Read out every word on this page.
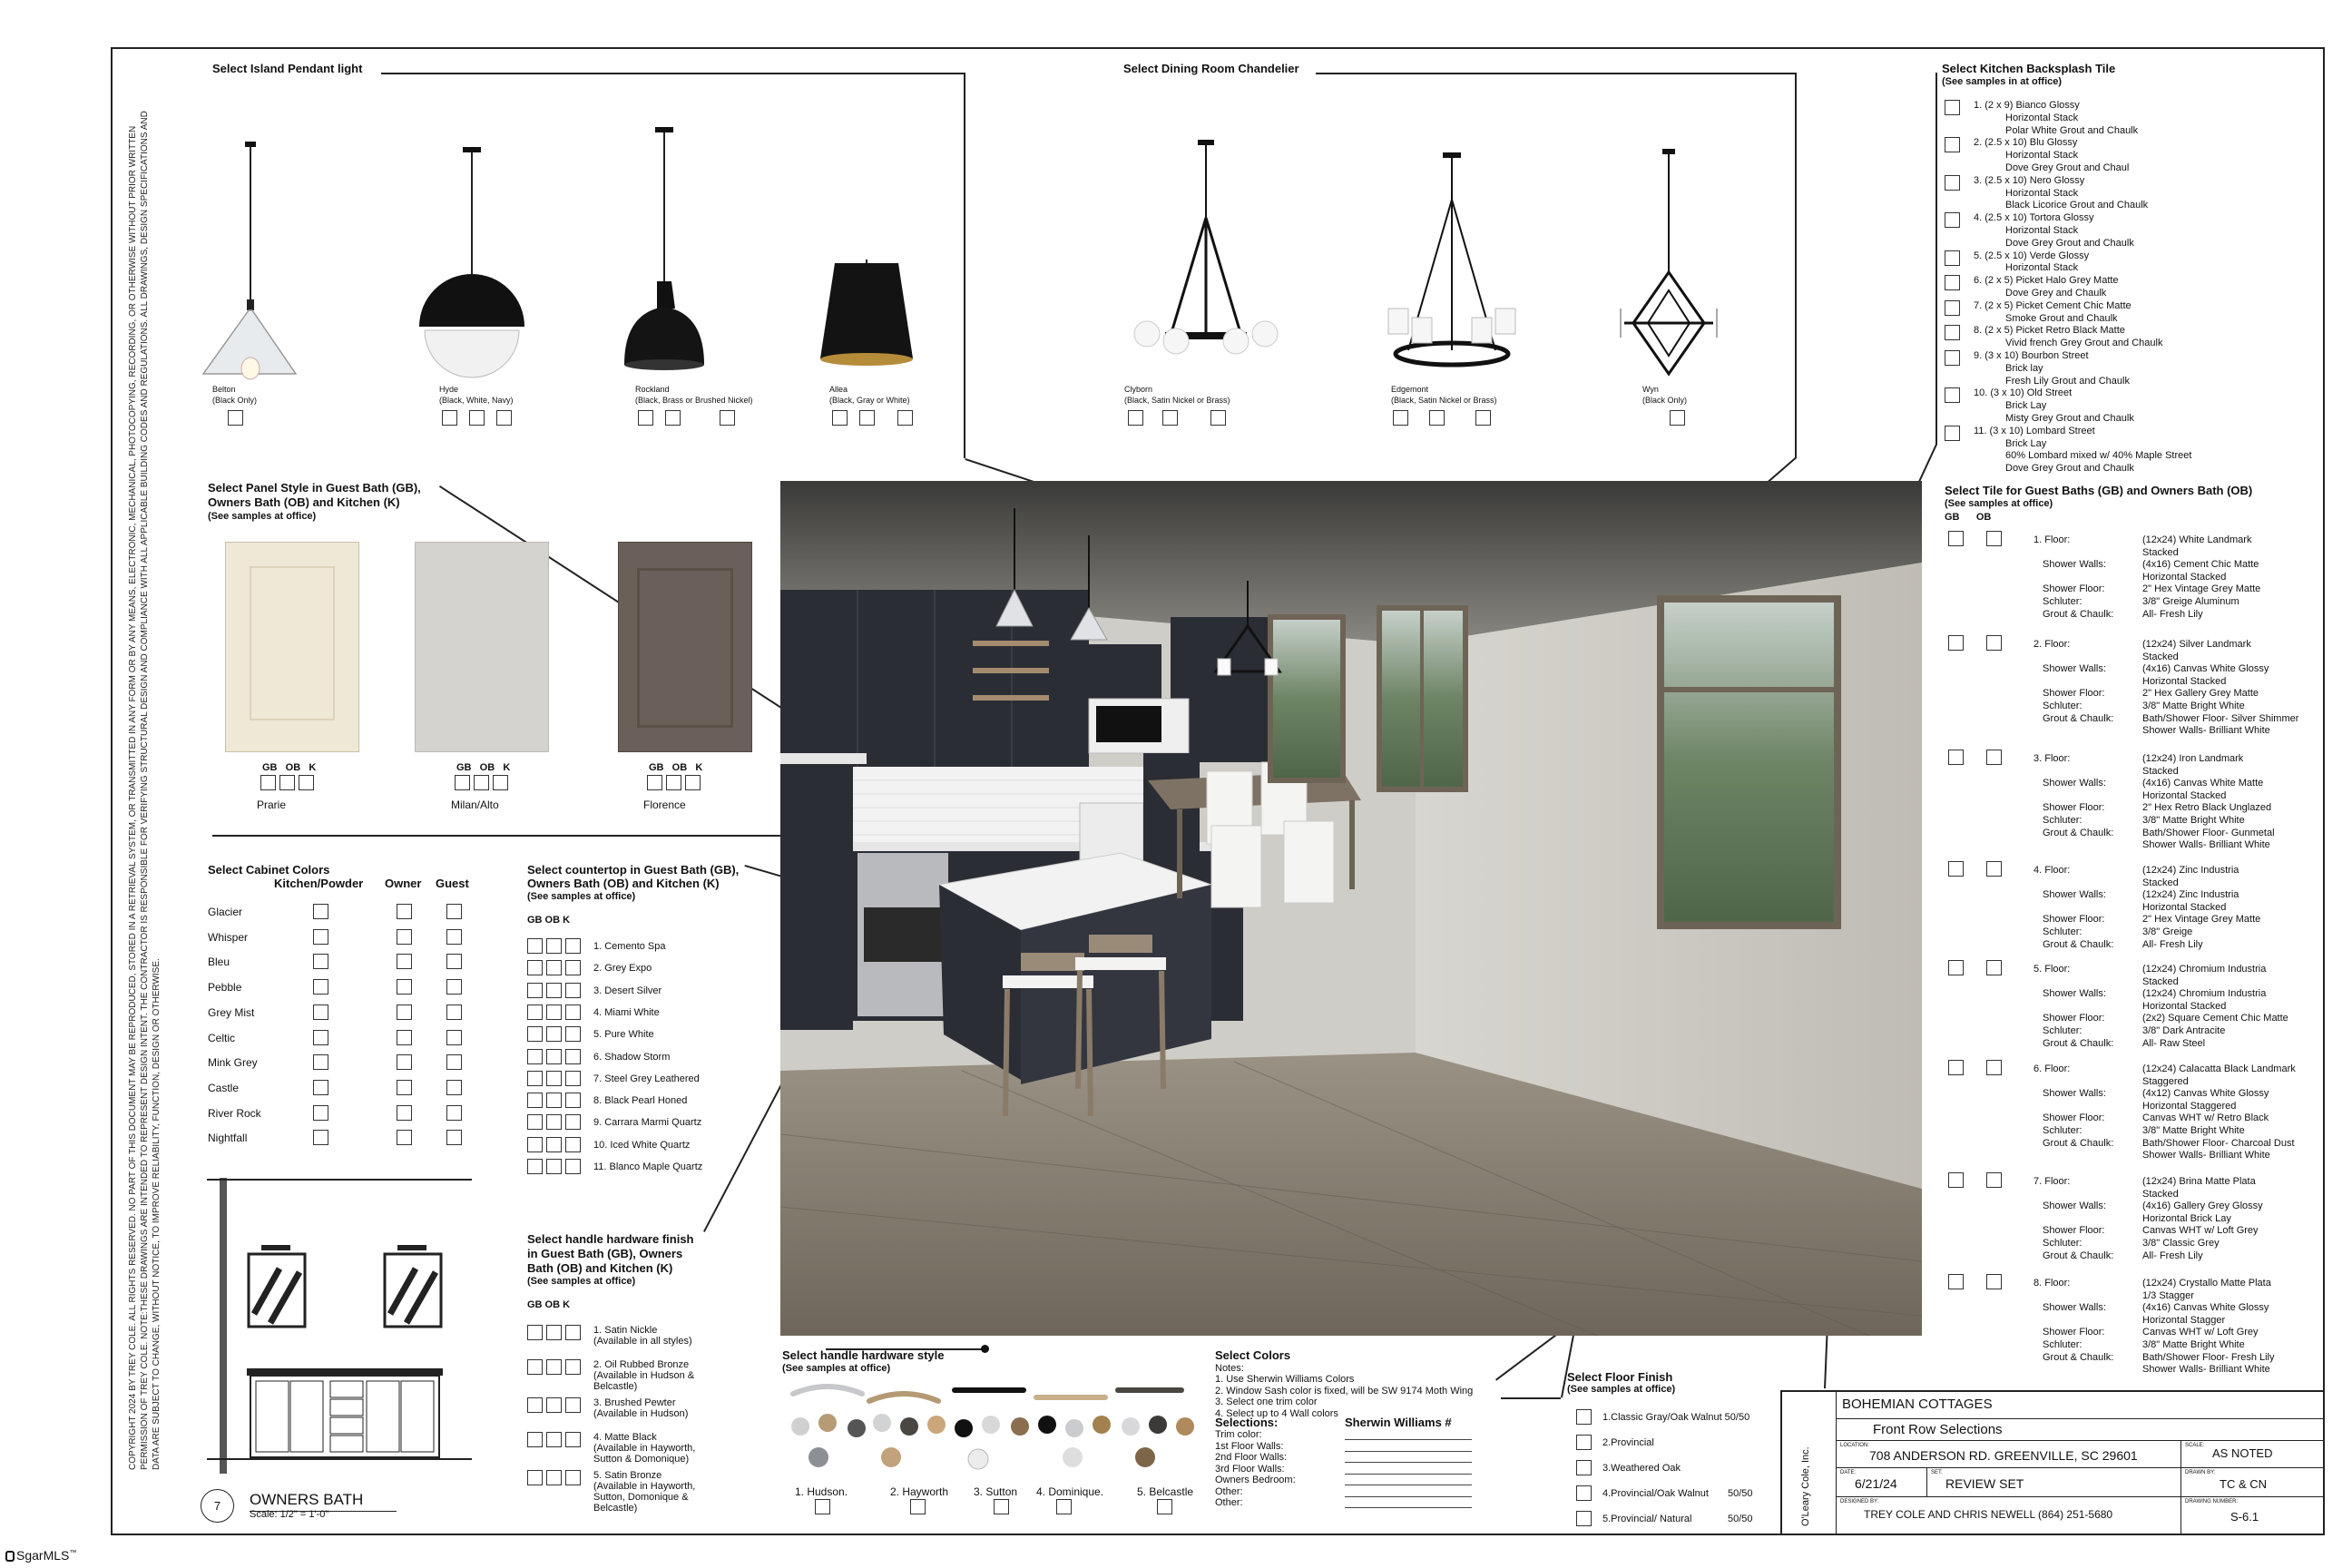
COPYRIGHT 2024 BY TREY COLE. ALL RIGHTS RESERVED. NO PART OF THIS DOCUMENT MAY BE REPRODUCED, STORED IN A RETRIEVAL SYSTEM, OR TRANSMITTED IN ANY FORM OR BY ANY MEANS, ELECTRONIC, MECHANICAL, PHOTOCOPYING, RECORDING, OR OTHERWISE WITHOUT PRIOR WRITTEN PERMISSION OF TREY COLE. NOTE:THESE DRAWINGS ARE INTENDED TO REPRESENT DESIGN INTENT. THE CONTRACTOR IS RESPONSIBLE FOR VERIFYING STRUCTURAL DESIGN AND COMPLIANCE WITH ALL APPLICABLE BUILDING CODES AND REGULATIONS. ALL DRAWINGS, DESIGN SPECIFICATIONS AND DATA ARE SUBJECT TO CHANGE, WITHOUT NOTICE, TO IMPROVE RELIABILITY, FUNCTION, DESIGN OR OTHERWISE.
Select Island Pendant light
Belton
(Black Only)
Hyde
(Black, White, Navy)
Rockland
(Black, Brass or Brushed Nickel)
Allea
(Black, Gray or White)
Select Dining Room Chandelier
Clyborn
(Black, Satin Nickel or Brass)
Edgemont
(Black, Satin Nickel or Brass)
Wyn
(Black Only)
Select Kitchen Backsplash Tile
(See samples in at office)
1. (2 x 9) Bianco Glossy
Horizontal Stack
Polar White Grout and Chaulk
2. (2.5 x 10) Blu Glossy
Horizontal Stack
Dove Grey Grout and Chaul
3. (2.5 x 10) Nero Glossy
Horizontal Stack
Black Licorice Grout and Chaulk
4. (2.5 x 10) Tortora Glossy
Horizontal Stack
Dove Grey Grout and Chaulk
5. (2.5 x 10) Verde Glossy
Horizontal Stack
6. (2 x 5) Picket Halo Grey Matte
Dove Grey and Chaulk
7. (2 x 5) Picket Cement Chic Matte
Smoke Grout and Chaulk
8. (2 x 5) Picket Retro Black Matte
Vivid french Grey Grout and Chaulk
9. (3 x 10) Bourbon Street
Brick lay
Fresh Lily Grout and Chaulk
10. (3 x 10) Old Street
Brick Lay
Misty Grey Grout and Chaulk
11. (3 x 10) Lombard Street
Brick Lay
60% Lombard mixed w/ 40% Maple Street
Dove Grey Grout and Chaulk
Select Panel Style in Guest Bath (GB),
Owners Bath (OB) and Kitchen (K)
(See samples at office)
GB   OB   K
Prarie
GB   OB   K
Milan/Alto
GB   OB   K
Florence
Select Cabinet Colors
Kitchen/Powder Owner Guest
Glacier
Whisper
Bleu
Pebble
Grey Mist
Celtic
Mink Grey
Castle
River Rock
Nightfall
Select countertop in Guest Bath (GB),
Owners Bath (OB) and Kitchen (K)
(See samples at office)
GB OB K
1. Cemento Spa
2. Grey Expo
3. Desert Silver
4. Miami White
5. Pure White
6. Shadow Storm
7. Steel Grey Leathered
8. Black Pearl Honed
9. Carrara Marmi Quartz
10. Iced White Quartz
11. Blanco Maple Quartz
Select handle hardware finish
in Guest Bath (GB), Owners
Bath (OB) and Kitchen (K)
(See samples at office)
GB OB K
1. Satin Nickle
(Available in all styles)
2. Oil Rubbed Bronze
(Available in Hudson &
Belcastle)
3. Brushed Pewter
(Available in Hudson)
4. Matte Black
(Available in Hayworth,
Sutton & Domonique)
5. Satin Bronze
(Available in Hayworth,
Sutton, Domonique &
Belcastle)
Select handle hardware style
(See samples at office)
1. Hudson.	2. Hayworth 3. Sutton 4. Dominique.	5. Belcastle
Select Colors
Notes:
1. Use Sherwin Williams Colors
2. Window Sash color is fixed, will be SW 9174 Moth Wing
3. Select one trim color
4. Select up to 4 Wall colors
Selections:	Sherwin Williams #
Trim color:
1st Floor Walls:
2nd Floor Walls:
3rd Floor Walls:
Owners Bedroom:
Other:
Other:
Select Floor Finish
(See samples at office)
1.Classic Gray/Oak Walnut 50/50
2.Provincial
3.Weathered Oak
4.Provincial/Oak Walnut 50/50
5.Provincial/ Natural	50/50
Select Tile for Guest Baths (GB) and Owners Bath (OB)
(See samples at office)
GB      OB
1. Floor:	(12x24) White Landmark
Stacked
Shower Walls:	(4x16) Cement Chic Matte
Horizontal Stacked
Shower Floor:	2" Hex Vintage Grey Matte
Schluter:	3/8" Greige Aluminum
Grout & Chaulk:	All- Fresh Lily
2. Floor:	(12x24) Silver Landmark
Stacked
Shower Walls:	(4x16) Canvas White Glossy
Horizontal Stacked
Shower Floor:	2" Hex Gallery Grey Matte
Schluter:	3/8" Matte Bright White
Grout & Chaulk:	Bath/Shower Floor- Silver Shimmer
Shower Walls- Brilliant White
3. Floor:	(12x24) Iron Landmark
Stacked
Shower Walls:	(4x16) Canvas White Matte
Horizontal Stacked
Shower Floor:	2" Hex Retro Black Unglazed
Schluter:	3/8" Matte Bright White
Grout & Chaulk:	Bath/Shower Floor- Gunmetal
Shower Walls- Brilliant White
4. Floor:	(12x24) Zinc Industria
Stacked
Shower Walls:	(12x24) Zinc Industria
Horizontal Stacked
Shower Floor:	2" Hex Vintage Grey Matte
Schluter:	3/8" Greige
Grout & Chaulk:	All- Fresh Lily
5. Floor:	(12x24) Chromium Industria
Stacked
Shower Walls:	(12x24) Chromium Industria
Horizontal Stacked
Shower Floor:	(2x2) Square Cement Chic Matte
Schluter:	3/8" Dark Antracite
Grout & Chaulk:	All- Raw Steel
6. Floor:	(12x24) Calacatta Black Landmark
Staggered
Shower Walls:	(4x12) Canvas White Glossy
Horizontal Staggered
Shower Floor:	Canvas WHT w/ Retro Black
Schluter:	3/8" Matte Bright White
Grout & Chaulk:	Bath/Shower Floor- Charcoal Dust
Shower Walls- Brilliant White
7. Floor:	(12x24) Brina Matte Plata
Stacked
Shower Walls:	(4x16) Gallery Grey Glossy
Horizontal Brick Lay
Shower Floor:	Canvas WHT w/ Loft Grey
Schluter:	3/8" Classic Grey
Grout & Chaulk:	All- Fresh Lily
8. Floor:	(12x24) Crystallo Matte Plata
1/3 Stagger
Shower Walls:	(4x16) Canvas White Glossy
Horizontal Stagger
Shower Floor:	Canvas WHT w/ Loft Grey
Schluter:	3/8" Matte Bright White
Grout & Chaulk:	Bath/Shower Floor- Fresh Lily
Shower Walls- Brilliant White
7	OWNERS BATH
Scale: 1/2" = 1'-0"	O'Leary Cole, Inc.
BOHEMIAN COTTAGES
Front Row Selections
LOCATION:
708 ANDERSON RD. GREENVILLE, SC 29601
SCALE:
AS NOTED
DATE:
6/21/24
SET:
REVIEW SET
DRAWN BY:
TC & CN
DESIGNED BY:
TREY COLE AND CHRIS NEWELL (864) 251-5680
DRAWING NUMBER:
S-6.1
SgarMLS™
